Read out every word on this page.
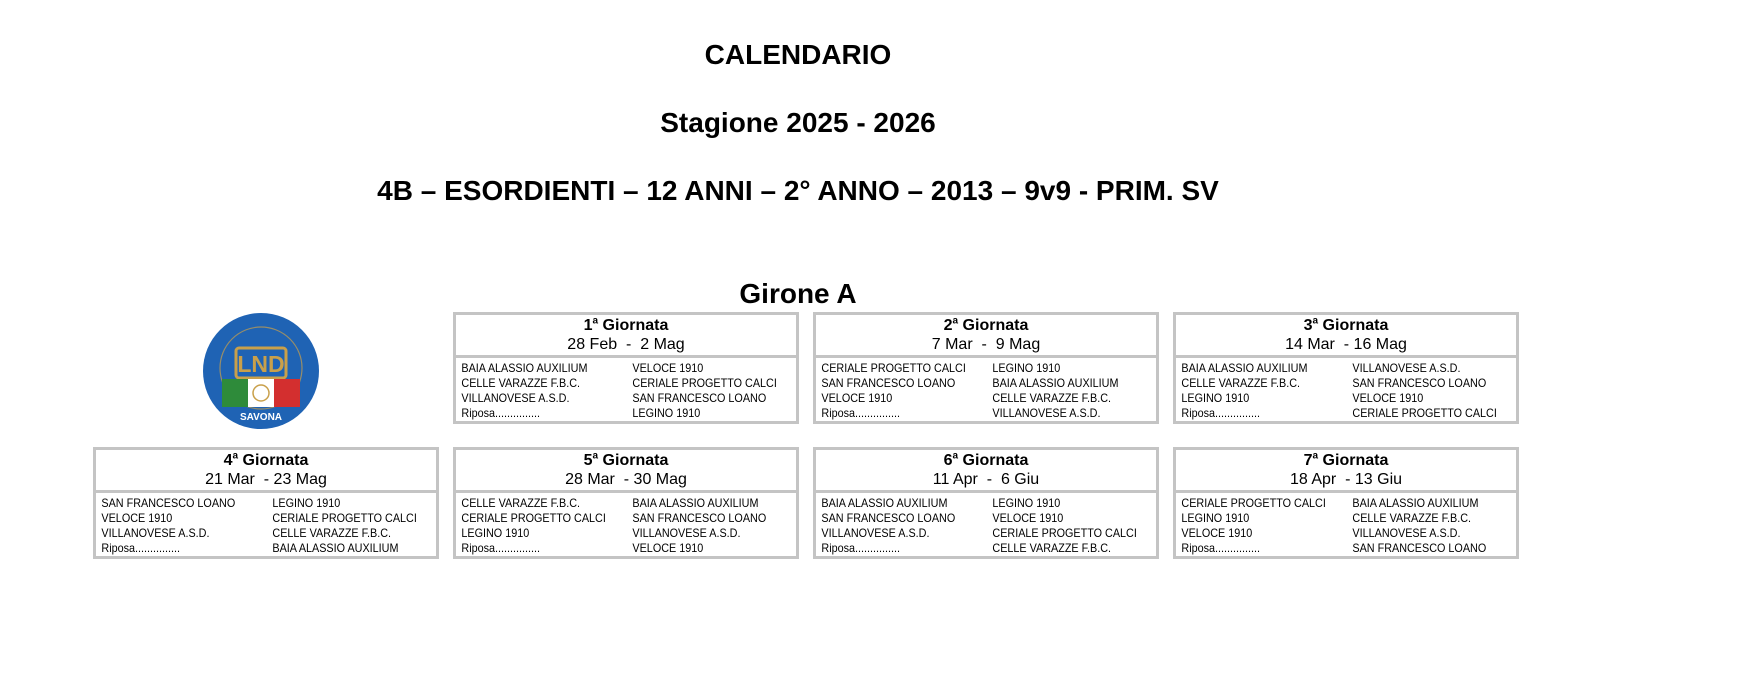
CALENDARIO
Stagione 2025 - 2026
4B – ESORDIENTI – 12 ANNI – 2° ANNO – 2013 – 9v9 - PRIM. SV
Girone A
LND
SAVONA
1$^a$ Giornata
28 Feb  -  2 Mag
BAIA ALASSIO AUXILIUM	VELOCE 1910
CELLE VARAZZE F.B.C.	CERIALE PROGETTO CALCI
VILLANOVESE A.S.D.	SAN FRANCESCO LOANO
Riposa...............	LEGINO 1910
2$^a$ Giornata
7 Mar  -  9 Mag
CERIALE PROGETTO CALCI	LEGINO 1910
SAN FRANCESCO LOANO	BAIA ALASSIO AUXILIUM
VELOCE 1910	CELLE VARAZZE F.B.C.
Riposa...............	VILLANOVESE A.S.D.
3$^a$ Giornata
14 Mar  - 16 Mag
BAIA ALASSIO AUXILIUM	VILLANOVESE A.S.D.
CELLE VARAZZE F.B.C.	SAN FRANCESCO LOANO
LEGINO 1910	VELOCE 1910
Riposa...............	CERIALE PROGETTO CALCI
4$^a$ Giornata
21 Mar  - 23 Mag
SAN FRANCESCO LOANO	LEGINO 1910
VELOCE 1910	CERIALE PROGETTO CALCI
VILLANOVESE A.S.D.	CELLE VARAZZE F.B.C.
Riposa...............	BAIA ALASSIO AUXILIUM
5$^a$ Giornata
28 Mar  - 30 Mag
CELLE VARAZZE F.B.C.	BAIA ALASSIO AUXILIUM
CERIALE PROGETTO CALCI	SAN FRANCESCO LOANO
LEGINO 1910	VILLANOVESE A.S.D.
Riposa...............	VELOCE 1910
6$^a$ Giornata
11 Apr  -  6 Giu
BAIA ALASSIO AUXILIUM	LEGINO 1910
SAN FRANCESCO LOANO	VELOCE 1910
VILLANOVESE A.S.D.	CERIALE PROGETTO CALCI
Riposa...............	CELLE VARAZZE F.B.C.
7$^a$ Giornata
18 Apr  - 13 Giu
CERIALE PROGETTO CALCI	BAIA ALASSIO AUXILIUM
LEGINO 1910	CELLE VARAZZE F.B.C.
VELOCE 1910	VILLANOVESE A.S.D.
Riposa...............	SAN FRANCESCO LOANO
